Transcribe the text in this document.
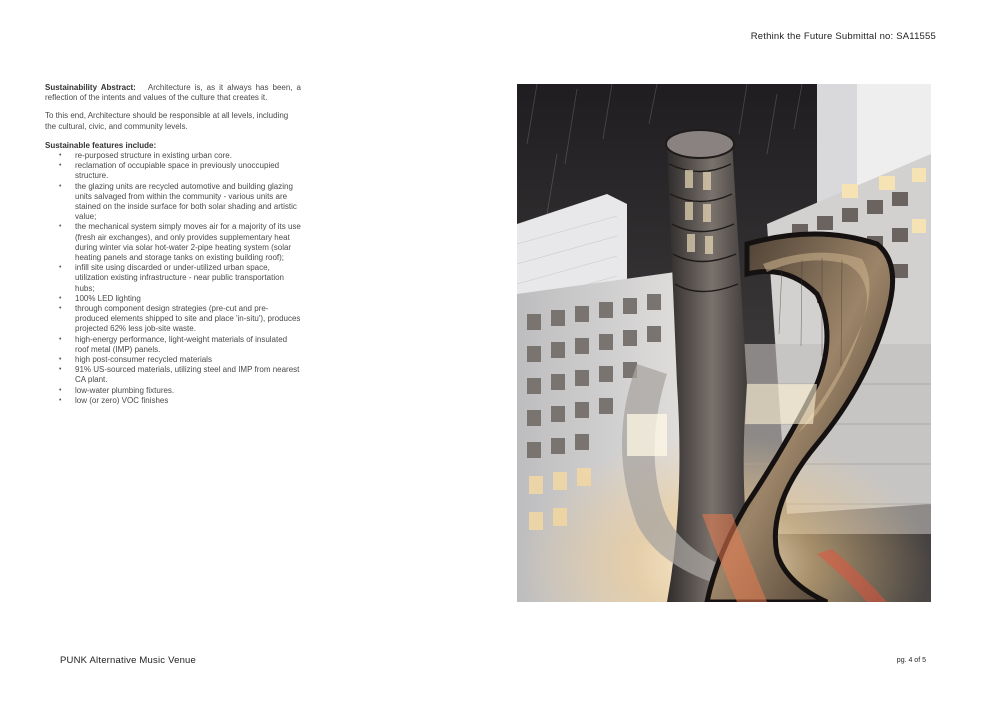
Rethink the Future Submittal no: SA11555

Sustainability Abstract: Architecture is, as it always has been, a reflection of the intents and values of the culture that creates it.

To this end, Architecture should be responsible at all levels, including the cultural, civic, and community levels.

Sustainable features include:
• re-purposed structure in existing urban core.
• reclamation of occupiable space in previously unoccupied structure.
• the glazing units are recycled automotive and building glazing units salvaged from within the community - various units are stained on the inside surface for both solar shading and artistic value;
• the mechanical system simply moves air for a majority of its use (fresh air exchanges), and only provides supplementary heat during winter via solar hot-water 2-pipe heating system (solar heating panels and storage tanks on existing building roof);
• infill site using discarded or under-utilized urban space, utilization existing infrastructure - near public transportation hubs;
• 100% LED lighting
• through component design strategies (pre-cut and pre-produced elements shipped to site and place 'in-situ'), produces projected 62% less job-site waste.
• high-energy performance, light-weight materials of insulated roof metal (IMP) panels.
• high post-consumer recycled materials
• 91% US-sourced materials, utilizing steel and IMP from nearest CA plant.
• low-water plumbing fixtures.
• low (or zero) VOC finishes
PUNK Alternative Music Venue	pg. 4 of 5
